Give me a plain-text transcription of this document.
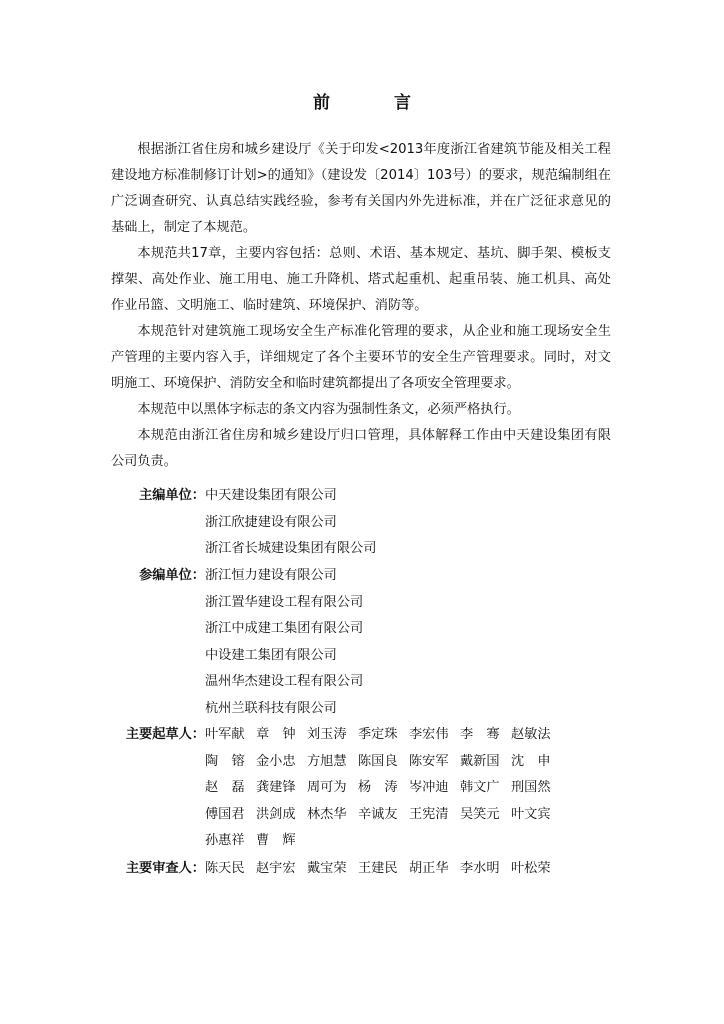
前	言

根据浙江省住房和城乡建设厅《关于印发<2013年度浙江省建筑节能及相关工程建设地方标准制修订计划>的通知》（建设发〔2014〕103号）的要求，规范编制组在广泛调查研究、认真总结实践经验，参考有关国内外先进标准，并在广泛征求意见的基础上，制定了本规范。

本规范共17章，主要内容包括：总则、术语、基本规定、基坑、脚手架、模板支撑架、高处作业、施工用电、施工升降机、塔式起重机、起重吊装、施工机具、高处作业吊篮、文明施工、临时建筑、环境保护、消防等。

本规范针对建筑施工现场安全生产标准化管理的要求，从企业和施工现场安全生产管理的主要内容入手，详细规定了各个主要环节的安全生产管理要求。同时，对文明施工、环境保护、消防安全和临时建筑都提出了各项安全管理要求。

本规范中以黑体字标志的条文内容为强制性条文，必须严格执行。

本规范由浙江省住房和城乡建设厅归口管理，具体解释工作由中天建设集团有限公司负责。

主编单位： 中天建设集团有限公司
浙江欣捷建设有限公司
浙江省长城建设集团有限公司
参编单位： 浙江恒力建设有限公司
浙江置华建设工程有限公司
浙江中成建工集团有限公司
中设建工集团有限公司
温州华杰建设工程有限公司
杭州兰联科技有限公司
主要起草人： 叶军献 章　钟 刘玉涛 季定珠 李宏伟 李　骞 赵敏法
陶　镕 金小忠 方旭慧 陈国良 陈安军 戴新国 沈　申
赵　磊 龚建锋 周可为 杨　涛 岑冲迪 韩文广 刑国然
傅国君 洪剑成 林杰华 辛诚友 王宪清 吴笑元 叶文宾
孙惠祥 曹　辉
主要审查人： 陈天民 赵宇宏 戴宝荣 王建民 胡正华 李水明 叶松荣
